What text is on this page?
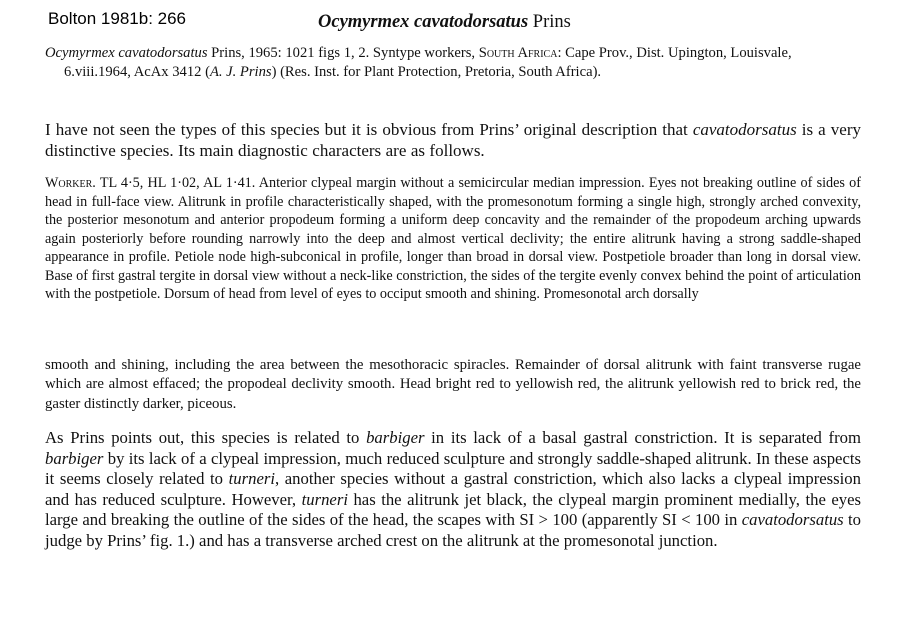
Bolton 1981b: 266	Ocymyrmex cavatodorsatus Prins

Ocymyrmex cavatodorsatus Prins, 1965: 1021 figs 1, 2. Syntype workers, South Africa: Cape Prov., Dist. Upington, Louisvale, 6.viii.1964, AcAx 3412 (A. J. Prins) (Res. Inst. for Plant Protection, Pretoria, South Africa).

I have not seen the types of this species but it is obvious from Prins’ original description that cavatodorsatus is a very distinctive species. Its main diagnostic characters are as follows.

Worker. TL 4·5, HL 1·02, AL 1·41. Anterior clypeal margin without a semicircular median impression. Eyes not breaking outline of sides of head in full-face view. Alitrunk in profile characteristically shaped, with the promesonotum forming a single high, strongly arched convexity, the posterior mesonotum and anterior propodeum forming a uniform deep concavity and the remainder of the propodeum arching upwards again posteriorly before rounding narrowly into the deep and almost vertical declivity; the entire alitrunk having a strong saddle-shaped appearance in profile. Petiole node high-subconical in profile, longer than broad in dorsal view. Postpetiole broader than long in dorsal view. Base of first gastral tergite in dorsal view without a neck-like constriction, the sides of the tergite evenly convex behind the point of articulation with the postpetiole. Dorsum of head from level of eyes to occiput smooth and shining. Promesonotal arch dorsally

smooth and shining, including the area between the mesothoracic spiracles. Remainder of dorsal alitrunk with faint transverse rugae which are almost effaced; the propodeal declivity smooth. Head bright red to yellowish red, the alitrunk yellowish red to brick red, the gaster distinctly darker, piceous.

As Prins points out, this species is related to barbiger in its lack of a basal gastral constriction. It is separated from barbiger by its lack of a clypeal impression, much reduced sculpture and strongly saddle-shaped alitrunk. In these aspects it seems closely related to turneri, another species without a gastral constriction, which also lacks a clypeal impression and has reduced sculpture. However, turneri has the alitrunk jet black, the clypeal margin prominent medially, the eyes large and breaking the outline of the sides of the head, the scapes with SI > 100 (apparently SI < 100 in cavatodorsatus to judge by Prins’ fig. 1.) and has a transverse arched crest on the alitrunk at the promesonotal junction.
